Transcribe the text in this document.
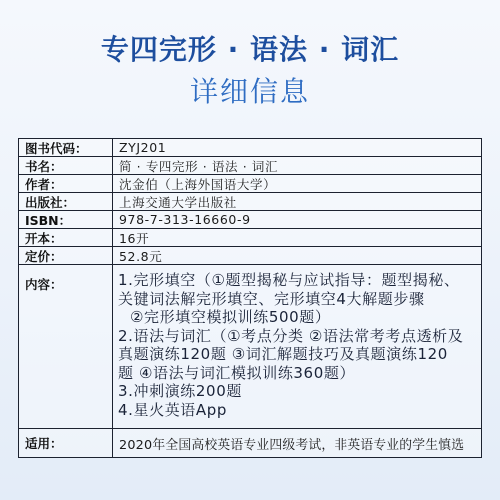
专四完形 · 语法 · 词汇
详细信息
图书代码：	ZYJ201
书名：	简 · 专四完形 · 语法 · 词汇
作者：	沈金伯（上海外国语大学）
出版社：	上海交通大学出版社
ISBN：	978-7-313-16660-9
开本：	16开
定价：	52.8元
内容：	1.完形填空（①题型揭秘与应试指导：题型揭秘、
关键词法解完形填空、完形填空4大解题步骤
②完形填空模拟训练500题）
2.语法与词汇（①考点分类 ②语法常考考点透析及
真题演练120题 ③词汇解题技巧及真题演练120
题 ④语法与词汇模拟训练360题）
3.冲刺演练200题
4.星火英语App
适用：	2020年全国高校英语专业四级考试，非英语专业的学生慎选
